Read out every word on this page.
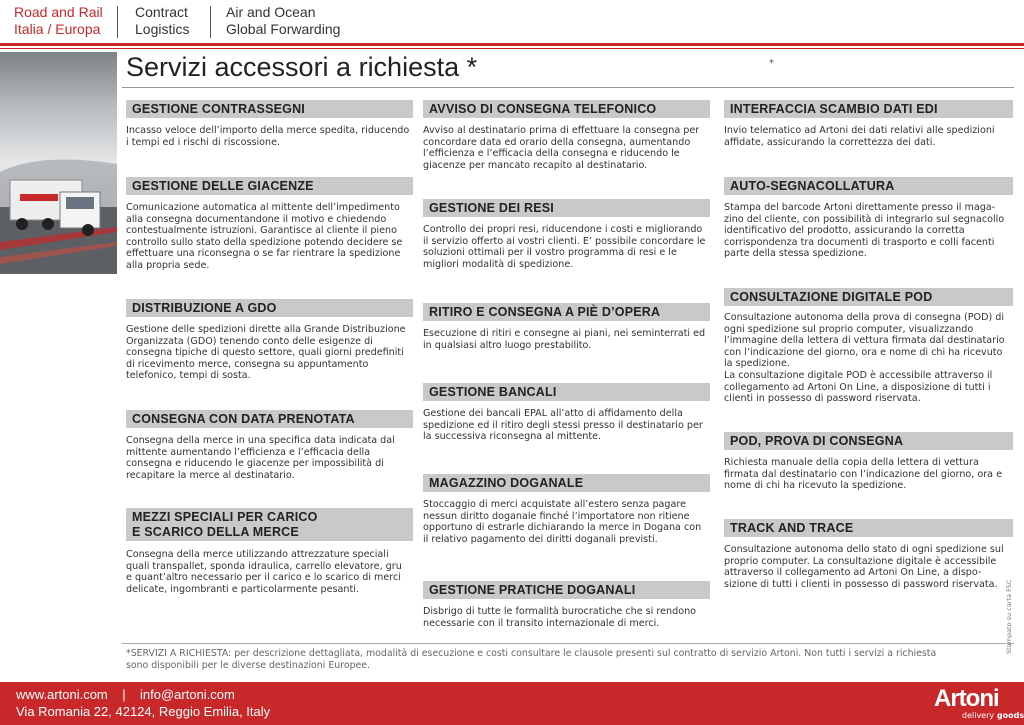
Road and Rail
Italia / Europa
Contract
Logistics
Air and Ocean
Global Forwarding
Servizi accessori a richiesta *	*
GESTIONE CONTRASSEGNI
Incasso veloce dell’importo della merce spedita, riducendo
i tempi ed i rischi di riscossione.
GESTIONE DELLE GIACENZE
Comunicazione automatica al mittente dell’impedimento
alla consegna documentandone il motivo e chiedendo
contestualmente istruzioni. Garantisce al cliente il pieno
controllo sullo stato della spedizione potendo decidere se
effettuare una riconsegna o se far rientrare la spedizione
alla propria sede.
DISTRIBUZIONE A GDO
Gestione delle spedizioni dirette alla Grande Distribuzione
Organizzata (GDO) tenendo conto delle esigenze di
consegna tipiche di questo settore, quali giorni predefiniti
di ricevimento merce, consegna su appuntamento
telefonico, tempi di sosta.
CONSEGNA CON DATA PRENOTATA
Consegna della merce in una specifica data indicata dal
mittente aumentando l’efficienza e l’efficacia della
consegna e riducendo le giacenze per impossibilità di
recapitare la merce al destinatario.
MEZZI SPECIALI PER CARICO
E SCARICO DELLA MERCE
Consegna della merce utilizzando attrezzature speciali
quali transpallet, sponda idraulica, carrello elevatore, gru
e quant’altro necessario per il carico e lo scarico di merci
delicate, ingombranti e particolarmente pesanti.
AVVISO DI CONSEGNA TELEFONICO
Avviso al destinatario prima di effettuare la consegna per
concordare data ed orario della consegna, aumentando
l’efficienza e l’efficacia della consegna e riducendo le
giacenze per mancato recapito al destinatario.
GESTIONE DEI RESI
Controllo dei propri resi, riducendone i costi e migliorando
il servizio offerto ai vostri clienti. E’ possibile concordare le
soluzioni ottimali per il vostro programma di resi e le
migliori modalità di spedizione.
RITIRO E CONSEGNA A PIÈ D’OPERA
Esecuzione di ritiri e consegne ai piani, nei seminterrati ed
in qualsiasi altro luogo prestabilito.
GESTIONE BANCALI
Gestione dei bancali EPAL all’atto di affidamento della
spedizione ed il ritiro degli stessi presso il destinatario per
la successiva riconsegna al mittente.
MAGAZZINO DOGANALE
Stoccaggio di merci acquistate all’estero senza pagare
nessun diritto doganale finché l’importatore non ritiene
opportuno di estrarle dichiarando la merce in Dogana con
il relativo pagamento dei diritti doganali previsti.
GESTIONE PRATICHE DOGANALI
Disbrigo di tutte le formalità burocratiche che si rendono
necessarie con il transito internazionale di merci.
INTERFACCIA SCAMBIO DATI EDI
Invio telematico ad Artoni dei dati relativi alle spedizioni
affidate, assicurando la correttezza dei dati.
AUTO-SEGNACOLLATURA
Stampa del barcode Artoni direttamente presso il maga-
zino del cliente, con possibilità di integrarlo sul segnacollo
identificativo del prodotto, assicurando la corretta
corrispondenza tra documenti di trasporto e colli facenti
parte della stessa spedizione.
CONSULTAZIONE DIGITALE POD
Consultazione autonoma della prova di consegna (POD) di
ogni spedizione sul proprio computer, visualizzando
l’immagine della lettera di vettura firmata dal destinatario
con l’indicazione del giorno, ora e nome di chi ha ricevuto
la spedizione.
La consultazione digitale POD è accessibile attraverso il
collegamento ad Artoni On Line, a disposizione di tutti i
clienti in possesso di password riservata.
POD, PROVA DI CONSEGNA
Richiesta manuale della copia della lettera di vettura
firmata dal destinatario con l’indicazione del giorno, ora e
nome di chi ha ricevuto la spedizione.
TRACK AND TRACE
Consultazione autonoma dello stato di ogni spedizione sul
proprio computer. La consultazione digitale è accessibile
attraverso il collegamento ad Artoni On Line, a dispo-
sizione di tutti i clienti in possesso di password riservata.
*SERVIZI A RICHIESTA: per descrizione dettagliata, modalità di esecuzione e costi consultare le clausole presenti sul contratto di servizio Artoni. Non tutti i servizi a richiesta
sono disponibili per le diverse destinazioni Europee.
Stampato su carta FSC
www.artoni.com    |    info@artoni.com
Via Romania 22, 42124, Reggio Emilia, Italy	Artoni
delivery goods
